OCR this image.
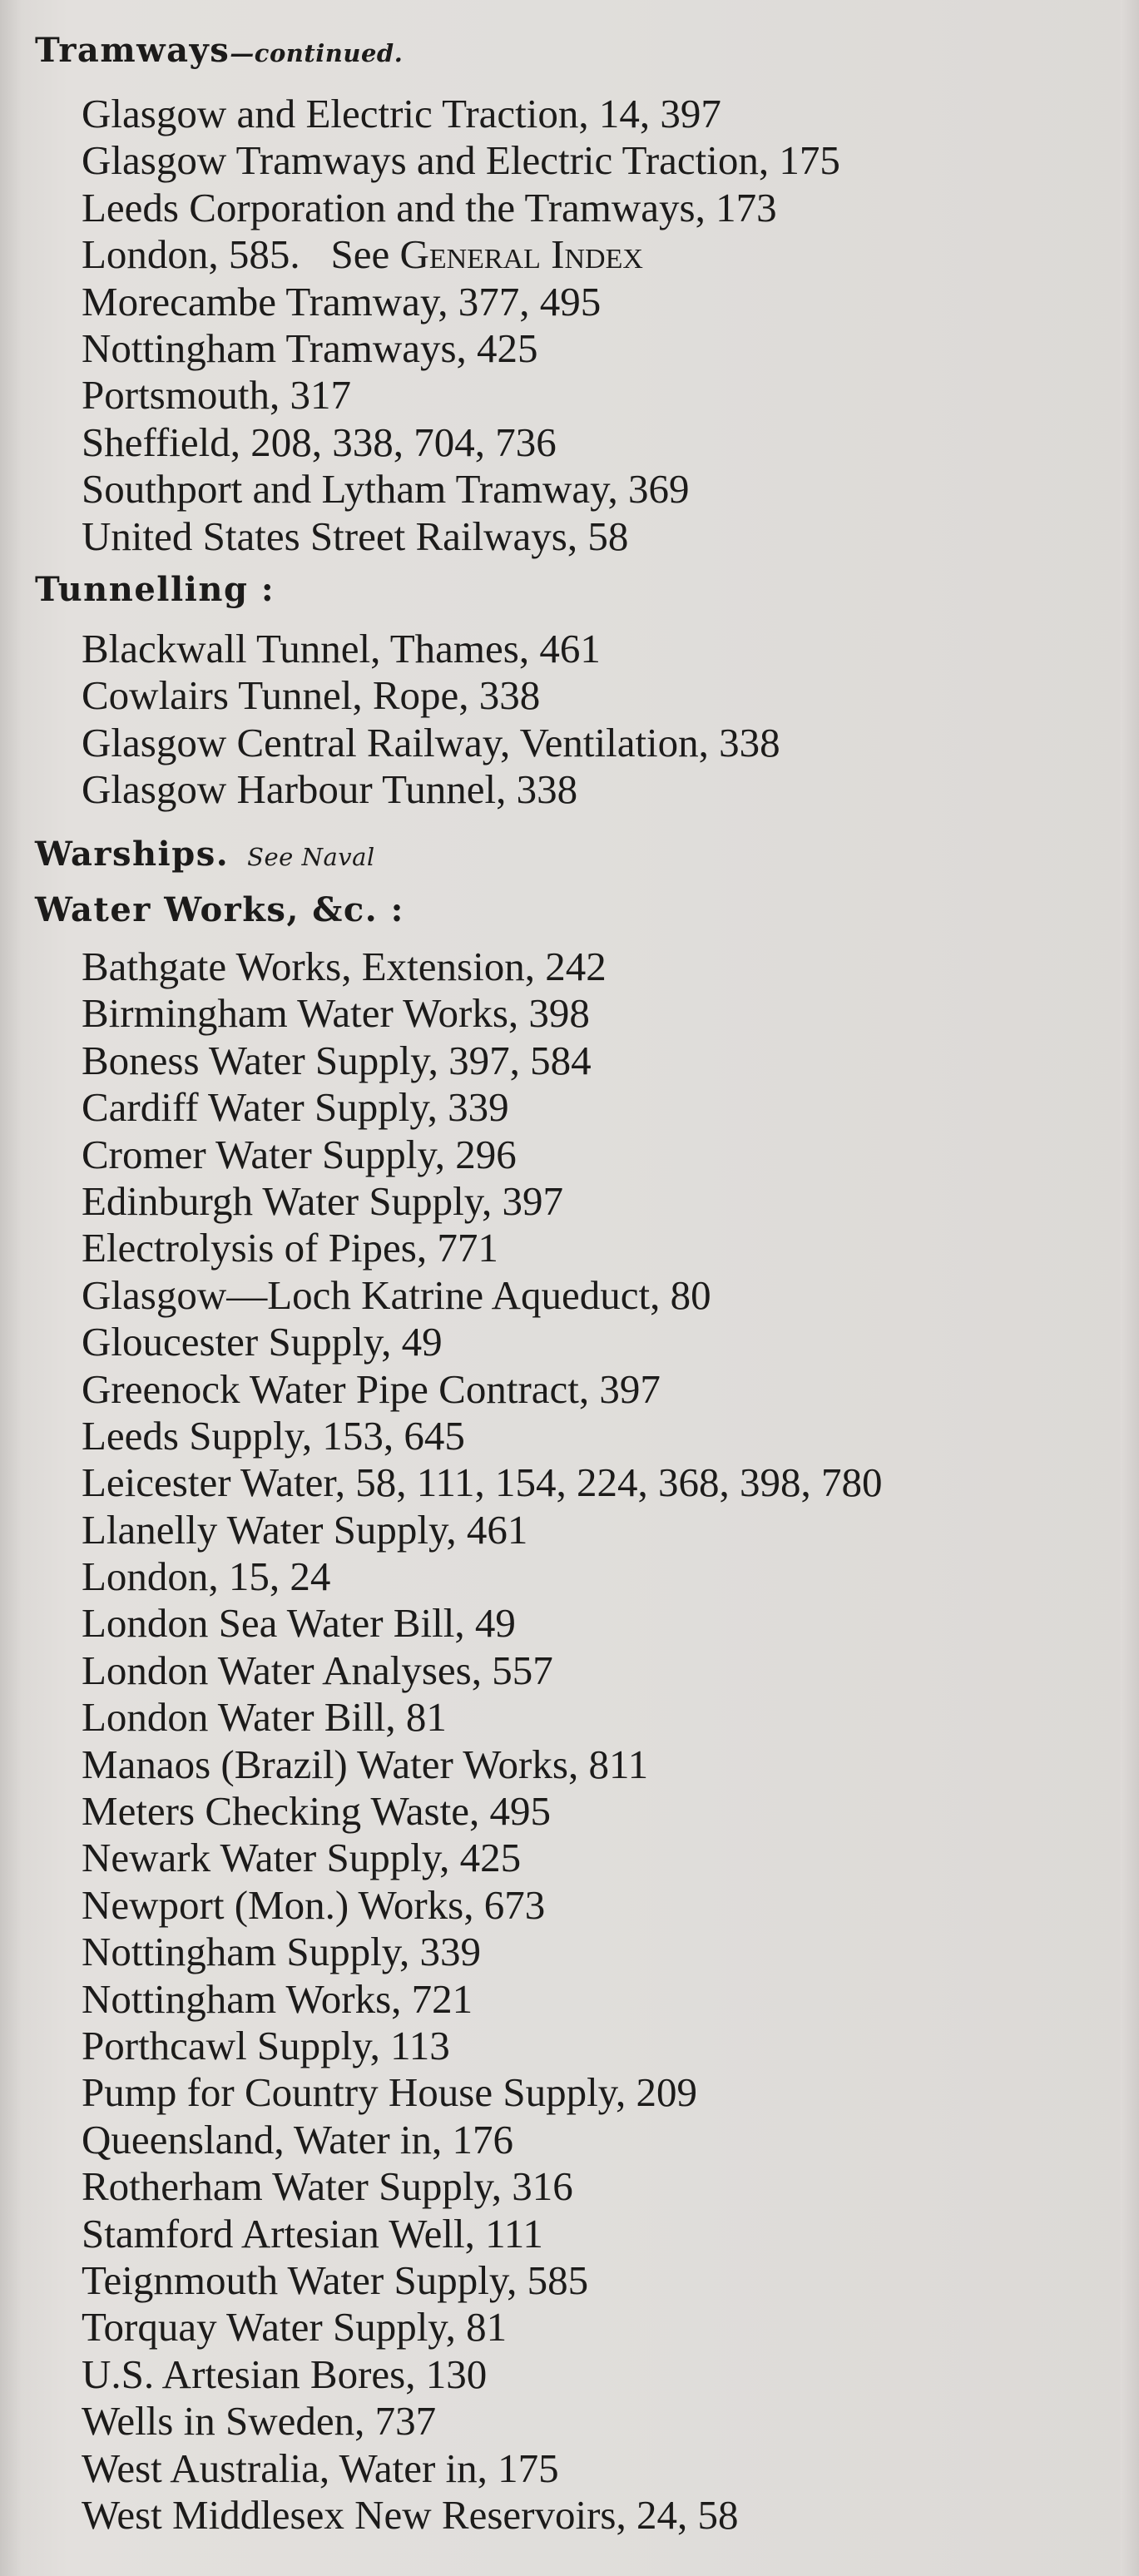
Tramways—continued.
Glasgow and Electric Traction, 14, 397
Glasgow Tramways and Electric Traction, 175
Leeds Corporation and the Tramways, 173
London, 585. See General Index
Morecambe Tramway, 377, 495
Nottingham Tramways, 425
Portsmouth, 317
Sheffield, 208, 338, 704, 736
Southport and Lytham Tramway, 369
United States Street Railways, 58
Tunnelling :
Blackwall Tunnel, Thames, 461
Cowlairs Tunnel, Rope, 338
Glasgow Central Railway, Ventilation, 338
Glasgow Harbour Tunnel, 338
Warships. See Naval
Water Works, &c. :
Bathgate Works, Extension, 242
Birmingham Water Works, 398
Boness Water Supply, 397, 584
Cardiff Water Supply, 339
Cromer Water Supply, 296
Edinburgh Water Supply, 397
Electrolysis of Pipes, 771
Glasgow—Loch Katrine Aqueduct, 80
Gloucester Supply, 49
Greenock Water Pipe Contract, 397
Leeds Supply, 153, 645
Leicester Water, 58, 111, 154, 224, 368, 398, 780
Llanelly Water Supply, 461
London, 15, 24
London Sea Water Bill, 49
London Water Analyses, 557
London Water Bill, 81
Manaos (Brazil) Water Works, 811
Meters Checking Waste, 495
Newark Water Supply, 425
Newport (Mon.) Works, 673
Nottingham Supply, 339
Nottingham Works, 721
Porthcawl Supply, 113
Pump for Country House Supply, 209
Queensland, Water in, 176
Rotherham Water Supply, 316
Stamford Artesian Well, 111
Teignmouth Water Supply, 585
Torquay Water Supply, 81
U.S. Artesian Bores, 130
Wells in Sweden, 737
West Australia, Water in, 175
West Middlesex New Reservoirs, 24, 58
